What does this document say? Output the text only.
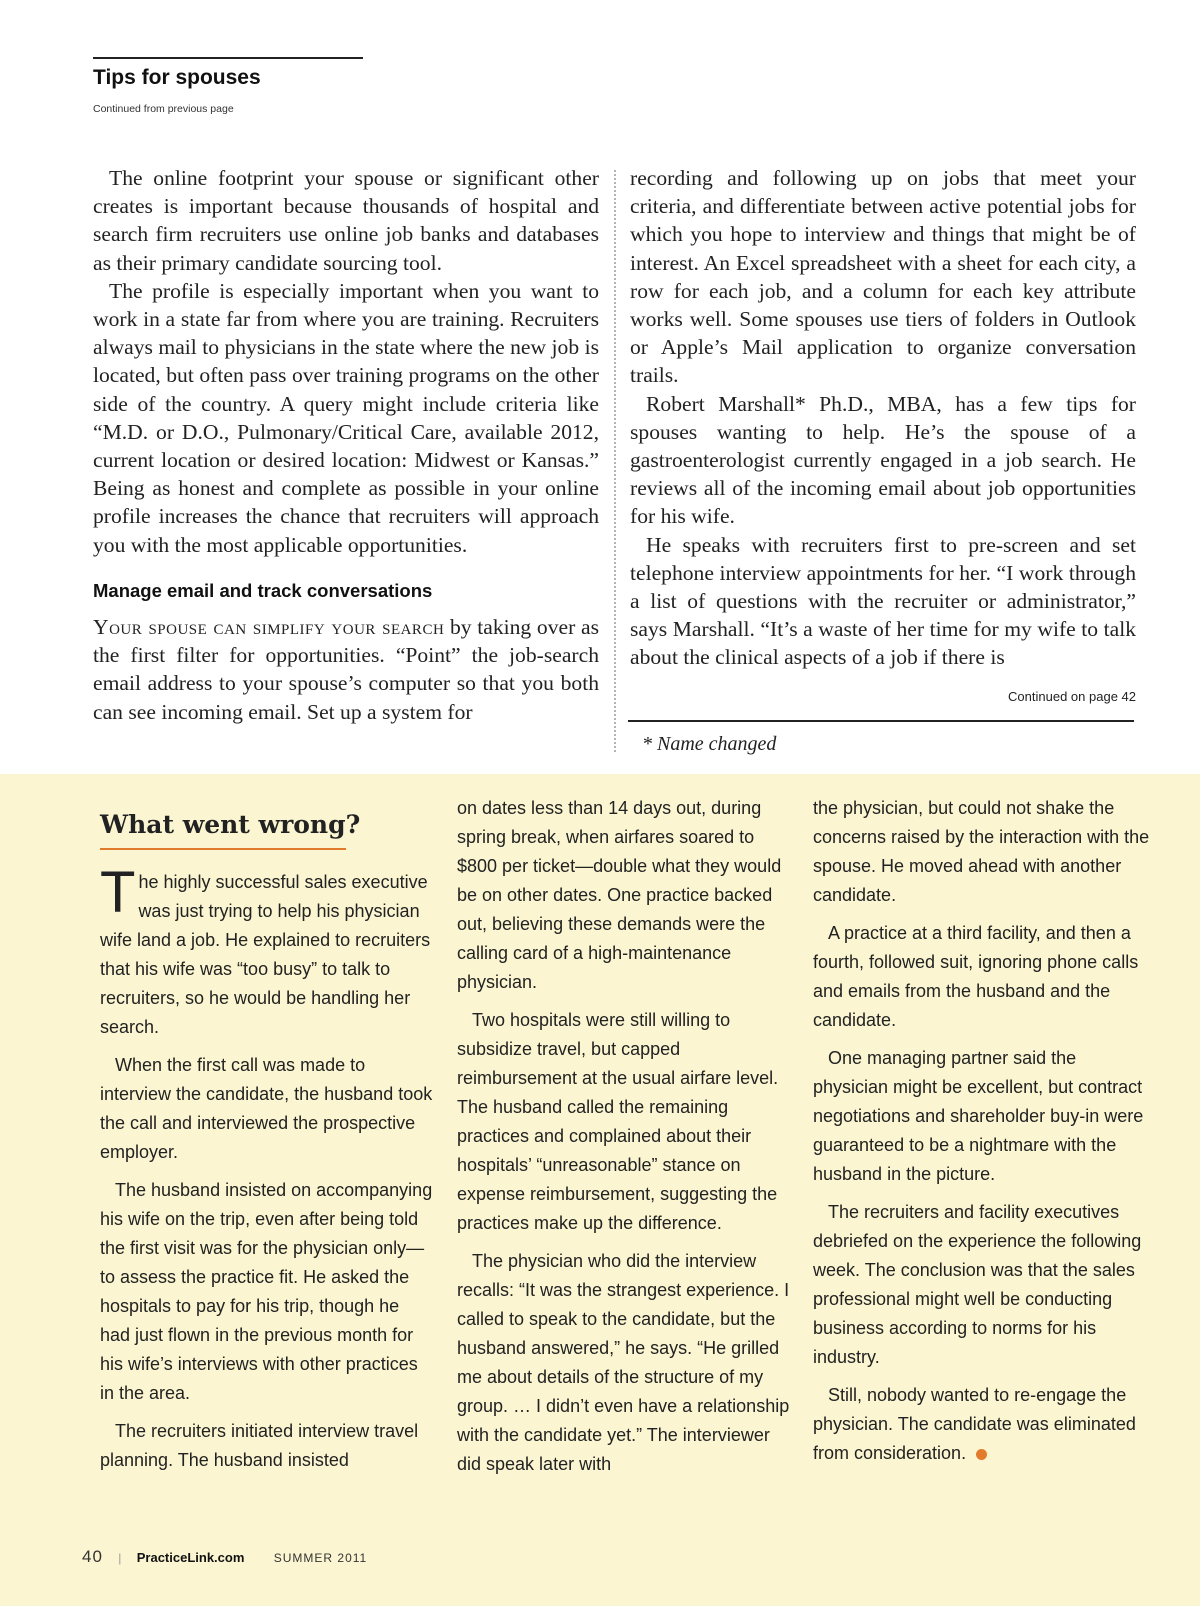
Tips for spouses
Continued from previous page

The online footprint your spouse or significant other creates is important because thousands of hospital and search firm recruiters use online job banks and databases as their primary candidate sourcing tool.

The profile is especially important when you want to work in a state far from where you are training. Recruiters always mail to physicians in the state where the new job is located, but often pass over training programs on the other side of the country. A query might include criteria like “M.D. or D.O., Pulmonary/Critical Care, available 2012, current location or desired location: Midwest or Kansas.” Being as honest and complete as possible in your online profile increases the chance that recruiters will approach you with the most applicable opportunities.

Manage email and track conversations

Your spouse can simplify your search by taking over as the first filter for opportunities. “Point” the job-search email address to your spouse’s computer so that you both can see incoming email. Set up a system for

recording and following up on jobs that meet your criteria, and differentiate between active potential jobs for which you hope to interview and things that might be of interest. An Excel spreadsheet with a sheet for each city, a row for each job, and a column for each key attribute works well. Some spouses use tiers of folders in Outlook or Apple’s Mail application to organize conversation trails.

Robert Marshall* Ph.D., MBA, has a few tips for spouses wanting to help. He’s the spouse of a gastroenterologist currently engaged in a job search. He reviews all of the incoming email about job opportunities for his wife.

He speaks with recruiters first to pre-screen and set telephone interview appointments for her. “I work through a list of questions with the recruiter or administrator,” says Marshall. “It’s a waste of her time for my wife to talk about the clinical aspects of a job if there is

Continued on page 42
* Name changed
What went wrong?

The highly successful sales executive was just trying to help his physician wife land a job. He explained to recruiters that his wife was “too busy” to talk to recruiters, so he would be handling her search.

When the first call was made to interview the candidate, the husband took the call and interviewed the prospective employer.

The husband insisted on accompanying his wife on the trip, even after being told the first visit was for the physician only—to assess the practice fit. He asked the hospitals to pay for his trip, though he had just flown in the previous month for his wife’s interviews with other practices in the area.

The recruiters initiated interview travel planning. The husband insisted

on dates less than 14 days out, during spring break, when airfares soared to $800 per ticket—double what they would be on other dates. One practice backed out, believing these demands were the calling card of a high-maintenance physician.

Two hospitals were still willing to subsidize travel, but capped reimbursement at the usual airfare level. The husband called the remaining practices and complained about their hospitals’ “unreasonable” stance on expense reimbursement, suggesting the practices make up the difference.

The physician who did the interview recalls: “It was the strangest experience. I called to speak to the candidate, but the husband answered,” he says. “He grilled me about details of the structure of my group. … I didn’t even have a relationship with the candidate yet.” The interviewer did speak later with

the physician, but could not shake the concerns raised by the interaction with the spouse. He moved ahead with another candidate.

A practice at a third facility, and then a fourth, followed suit, ignoring phone calls and emails from the husband and the candidate.

One managing partner said the physician might be excellent, but contract negotiations and shareholder buy-in were guaranteed to be a nightmare with the husband in the picture.

The recruiters and facility executives debriefed on the experience the following week. The conclusion was that the sales professional might well be conducting business according to norms for his industry.

Still, nobody wanted to re-engage the physician. The candidate was eliminated from consideration.

40 | PracticeLink.com SUMMER 2011
